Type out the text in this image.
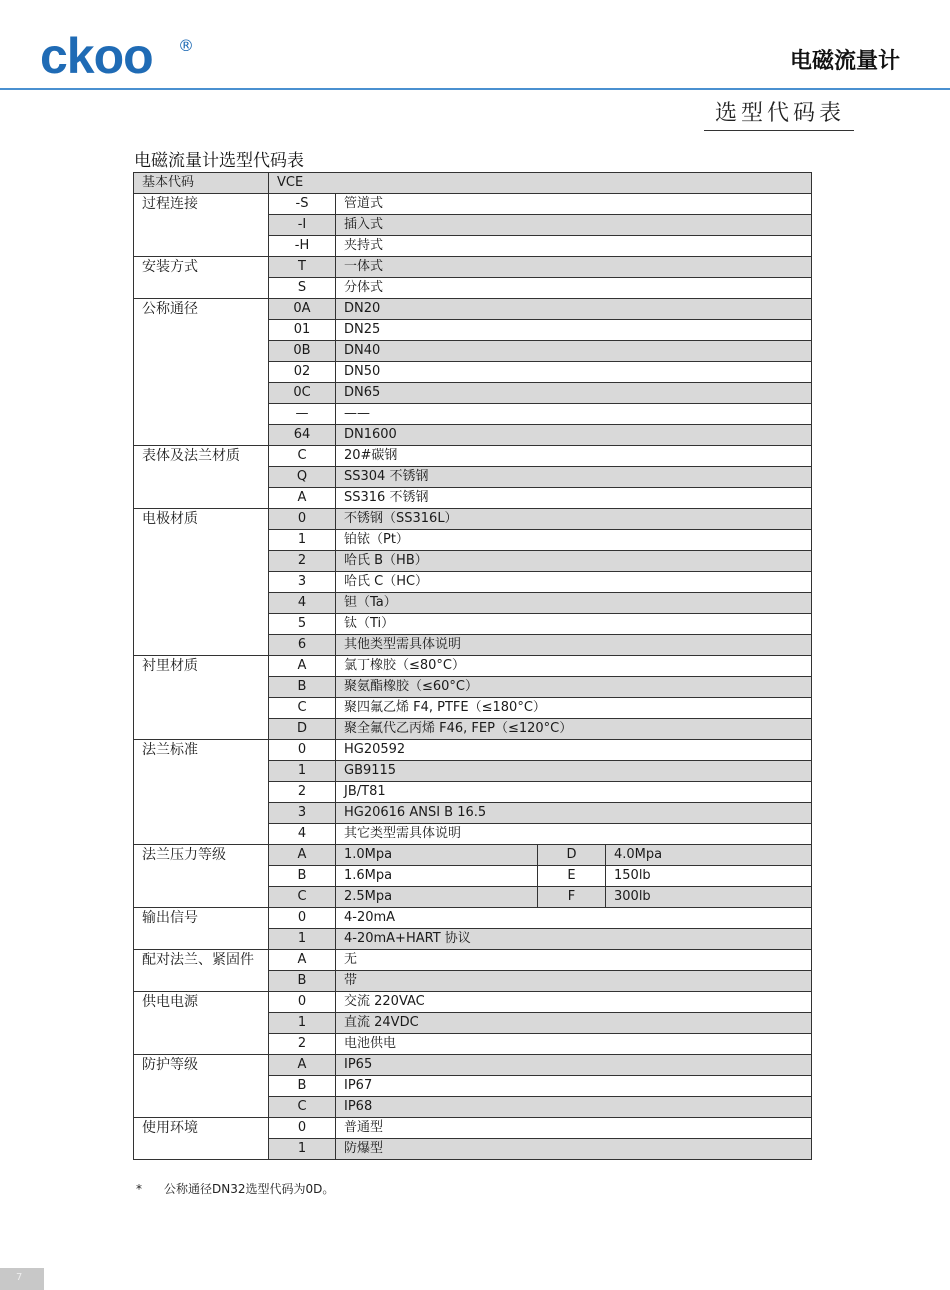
ckoo ®
电磁流量计
选型代码表
电磁流量计选型代码表
基本代码	VCE			
过程连接	-S	管道式		
	-I	插入式		
	-H	夹持式		
安装方式	T	一体式		
	S	分体式		
公称通径	0A	DN20		
	01	DN25		
	0B	DN40		
	02	DN50		
	0C	DN65		
	—	——		
	64	DN1600		
表体及法兰材质	C	20#碳钢		
	Q	SS304 不锈钢		
	A	SS316 不锈钢		
电极材质	0	不锈钢（SS316L）		
	1	铂铱（Pt）		
	2	哈氏 B（HB）		
	3	哈氏 C（HC）		
	4	钽（Ta）		
	5	钛（Ti）		
	6	其他类型需具体说明		
衬里材质	A	氯丁橡胶（≤80°C）		
	B	聚氨酯橡胶（≤60°C）		
	C	聚四氟乙烯 F4, PTFE（≤180°C）		
	D	聚全氟代乙丙烯 F46, FEP（≤120°C）		
法兰标准	0	HG20592		
	1	GB9115		
	2	JB/T81		
	3	HG20616 ANSI B 16.5		
	4	其它类型需具体说明		
法兰压力等级	A	1.0Mpa	D	4.0Mpa
	B	1.6Mpa	E	150lb
	C	2.5Mpa	F	300lb
输出信号	0	4-20mA		
	1	4-20mA+HART 协议		
配对法兰、紧固件	A	无		
	B	带		
供电电源	0	交流 220VAC		
	1	直流 24VDC		
	2	电池供电		
防护等级	A	IP65		
	B	IP67		
	C	IP68		
使用环境	0	普通型		
	1	防爆型		
* 公称通径DN32选型代码为0D。
7
